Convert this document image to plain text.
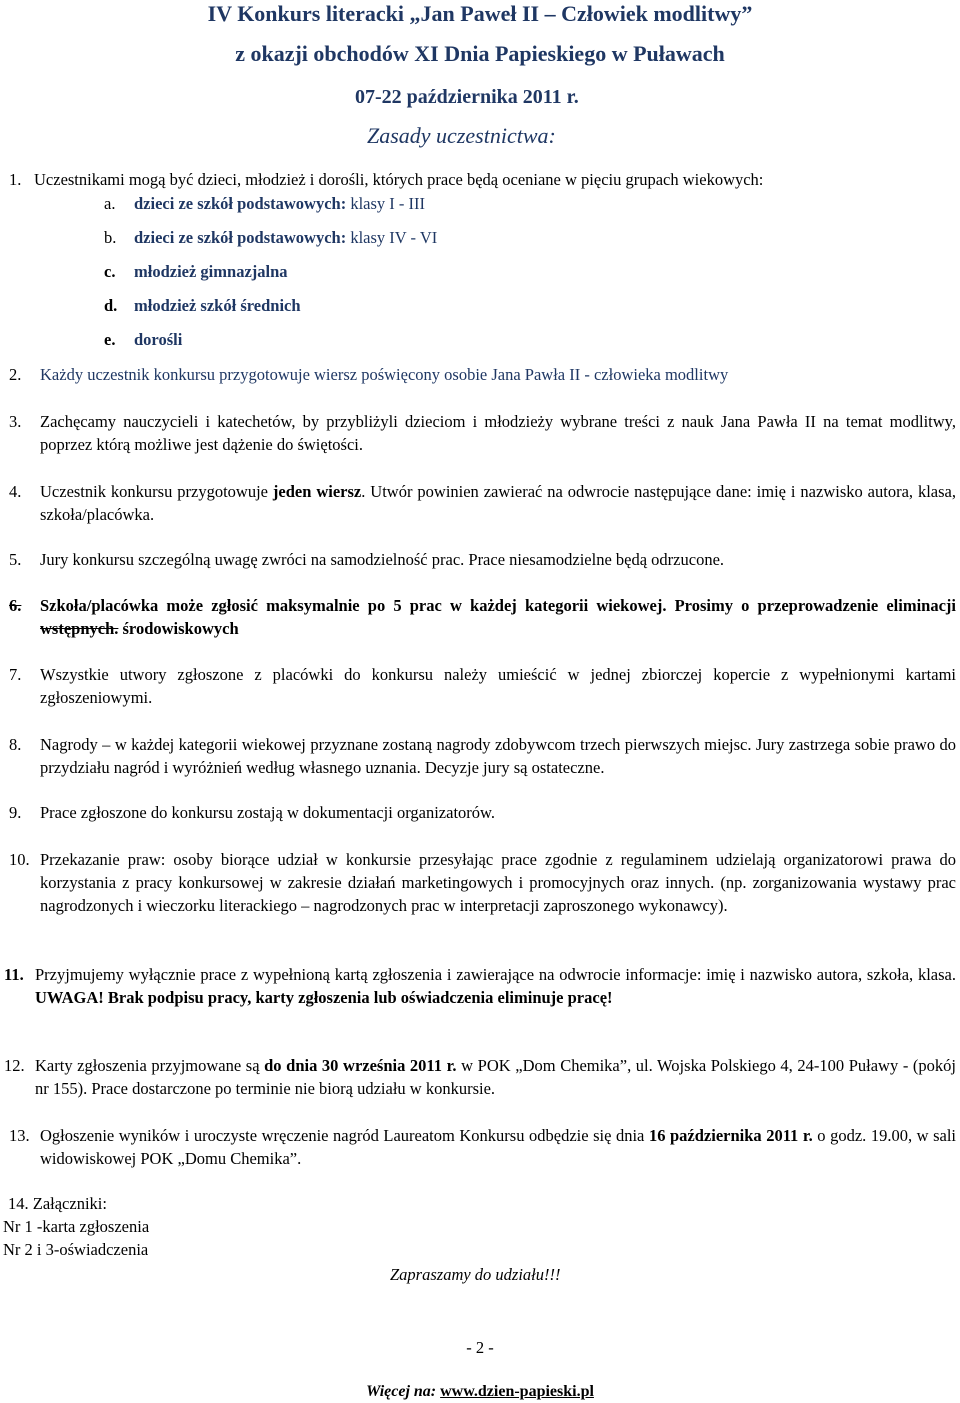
IV Konkurs literacki „Jan Paweł II – Człowiek modlitwy”
z okazji obchodów XI Dnia Papieskiego w Puławach
07-22 października 2011 r.
Zasady uczestnictwa:
1. Uczestnikami mogą być dzieci, młodzież i dorośli, których prace będą oceniane w pięciu grupach wiekowych:
a. dzieci ze szkół podstawowych: klasy I - III
b. dzieci ze szkół podstawowych: klasy IV - VI
c. młodzież gimnazjalna
d. młodzież szkół średnich
e. dorośli
2. Każdy uczestnik konkursu przygotowuje wiersz poświęcony osobie Jana Pawła II - człowieka modlitwy
3. Zachęcamy nauczycieli i katechetów, by przybliżyli dzieciom i młodzieży wybrane treści z nauk Jana Pawła II na temat modlitwy, poprzez którą możliwe jest dążenie do świętości.
4. Uczestnik konkursu przygotowuje jeden wiersz. Utwór powinien zawierać na odwrocie następujące dane: imię i nazwisko autora, klasa, szkoła/placówka.
5. Jury konkursu szczególną uwagę zwróci na samodzielność prac. Prace niesamodzielne będą odrzucone.
6. Szkoła/placówka może zgłosić maksymalnie po 5 prac w każdej kategorii wiekowej. Prosimy o przeprowadzenie eliminacji wstępnych. środowiskowych
7. Wszystkie utwory zgłoszone z placówki do konkursu należy umieścić w jednej zbiorczej kopercie z wypełnionymi kartami zgłoszeniowymi.
8. Nagrody – w każdej kategorii wiekowej przyznane zostaną nagrody zdobywcom trzech pierwszych miejsc. Jury zastrzega sobie prawo do przydziału nagród i wyróżnień według własnego uznania. Decyzje jury są ostateczne.
9. Prace zgłoszone do konkursu zostają w dokumentacji organizatorów.
10. Przekazanie praw: osoby biorące udział w konkursie przesyłając prace zgodnie z regulaminem udzielają organizatorowi prawa do korzystania z pracy konkursowej w zakresie działań marketingowych i promocyjnych oraz innych. (np. zorganizowania wystawy prac nagrodzonych i wieczorku literackiego – nagrodzonych prac w interpretacji zaproszonego wykonawcy).
11. Przyjmujemy wyłącznie prace z wypełnioną kartą zgłoszenia i zawierające na odwrocie informacje: imię i nazwisko autora, szkoła, klasa. UWAGA! Brak podpisu pracy, karty zgłoszenia lub oświadczenia eliminuje pracę!
12. Karty zgłoszenia przyjmowane są do dnia 30 września 2011 r. w POK „Dom Chemika”, ul. Wojska Polskiego 4, 24-100 Puławy - (pokój nr 155). Prace dostarczone po terminie nie biorą udziału w konkursie.
13. Ogłoszenie wyników i uroczyste wręczenie nagród Laureatom Konkursu odbędzie się dnia 16 października 2011 r. o godz. 19.00, w sali widowiskowej POK „Domu Chemika”.
14. Załączniki:
Nr 1 -karta zgłoszenia
Nr 2 i 3-oświadczenia
Zapraszamy do udziału!!!
- 2 -
Więcej na: www.dzien-papieski.pl
